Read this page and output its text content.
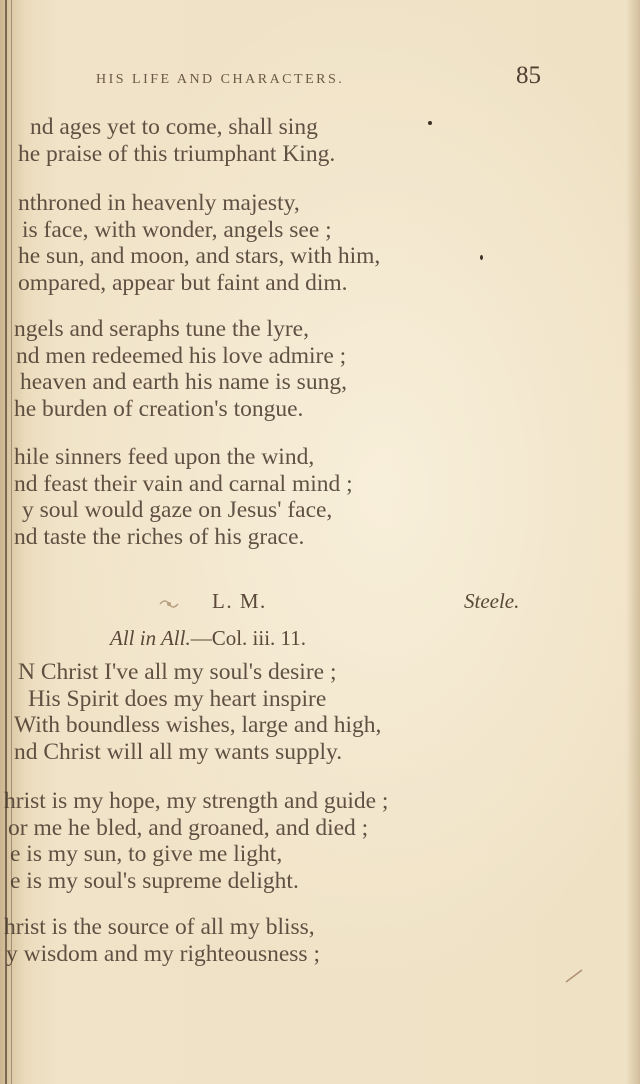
HIS LIFE AND CHARACTERS.	85
nd ages yet to come, shall sing
he praise of this triumphant King.
nthroned in heavenly majesty,
is face, with wonder, angels see ;
he sun, and moon, and stars, with him,
ompared, appear but faint and dim.
ngels and seraphs tune the lyre,
nd men redeemed his love admire ;
heaven and earth his name is sung,
he burden of creation's tongue.
hile sinners feed upon the wind,
nd feast their vain and carnal mind ;
y soul would gaze on Jesus' face,
nd taste the riches of his grace.
L. M.	Steele.
All in All.—Col. iii. 11.
N Christ I've all my soul's desire ;
His Spirit does my heart inspire
With boundless wishes, large and high,
nd Christ will all my wants supply.
hrist is my hope, my strength and guide ;
or me he bled, and groaned, and died ;
e is my sun, to give me light,
e is my soul's supreme delight.
hrist is the source of all my bliss,
y wisdom and my righteousness ;
